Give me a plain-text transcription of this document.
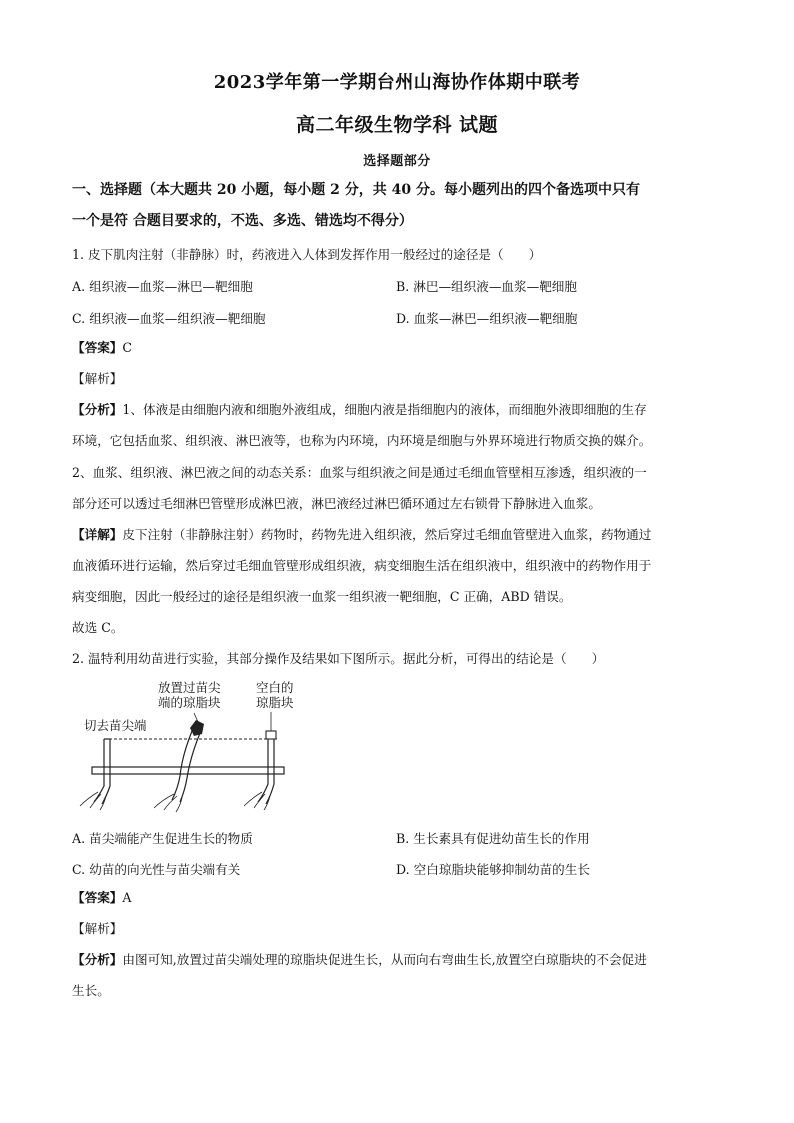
2023学年第一学期台州山海协作体期中联考
高二年级生物学科 试题
选择题部分
一、选择题（本大题共 20 小题，每小题 2 分，共 40 分。每小题列出的四个备选项中只有
一个是符 合题目要求的，不选、多选、错选均不得分）
1. 皮下肌肉注射（非静脉）时，药液进入人体到发挥作用一般经过的途径是（　　）
A. 组织液—血浆—淋巴—靶细胞	B. 淋巴—组织液—血浆—靶细胞
C. 组织液—血浆—组织液—靶细胞	D. 血浆—淋巴—组织液—靶细胞
【答案】C
【解析】
【分析】1、体液是由细胞内液和细胞外液组成，细胞内液是指细胞内的液体，而细胞外液即细胞的生存
环境，它包括血浆、组织液、淋巴液等，也称为内环境，内环境是细胞与外界环境进行物质交换的媒介。
2、血浆、组织液、淋巴液之间的动态关系：血浆与组织液之间是通过毛细血管壁相互渗透，组织液的一
部分还可以透过毛细淋巴管壁形成淋巴液，淋巴液经过淋巴循环通过左右锁骨下静脉进入血浆。
【详解】皮下注射（非静脉注射）药物时，药物先进入组织液，然后穿过毛细血管壁进入血浆，药物通过
血液循环进行运输，然后穿过毛细血管壁形成组织液，病变细胞生活在组织液中，组织液中的药物作用于
病变细胞，因此一般经过的途径是组织液一血浆一组织液一靶细胞，C 正确，ABD 错误。
故选 C。
2. 温特利用幼苗进行实验，其部分操作及结果如下图所示。据此分析，可得出的结论是（　　）
切去苗尖端
放置过苗尖
端的琼脂块
空白的
琼脂块
A. 苗尖端能产生促进生长的物质	B. 生长素具有促进幼苗生长的作用
C. 幼苗的向光性与苗尖端有关	D. 空白琼脂块能够抑制幼苗的生长
【答案】A
【解析】
【分析】由图可知,放置过苗尖端处理的琼脂块促进生长，从而向右弯曲生长,放置空白琼脂块的不会促进
生长。
